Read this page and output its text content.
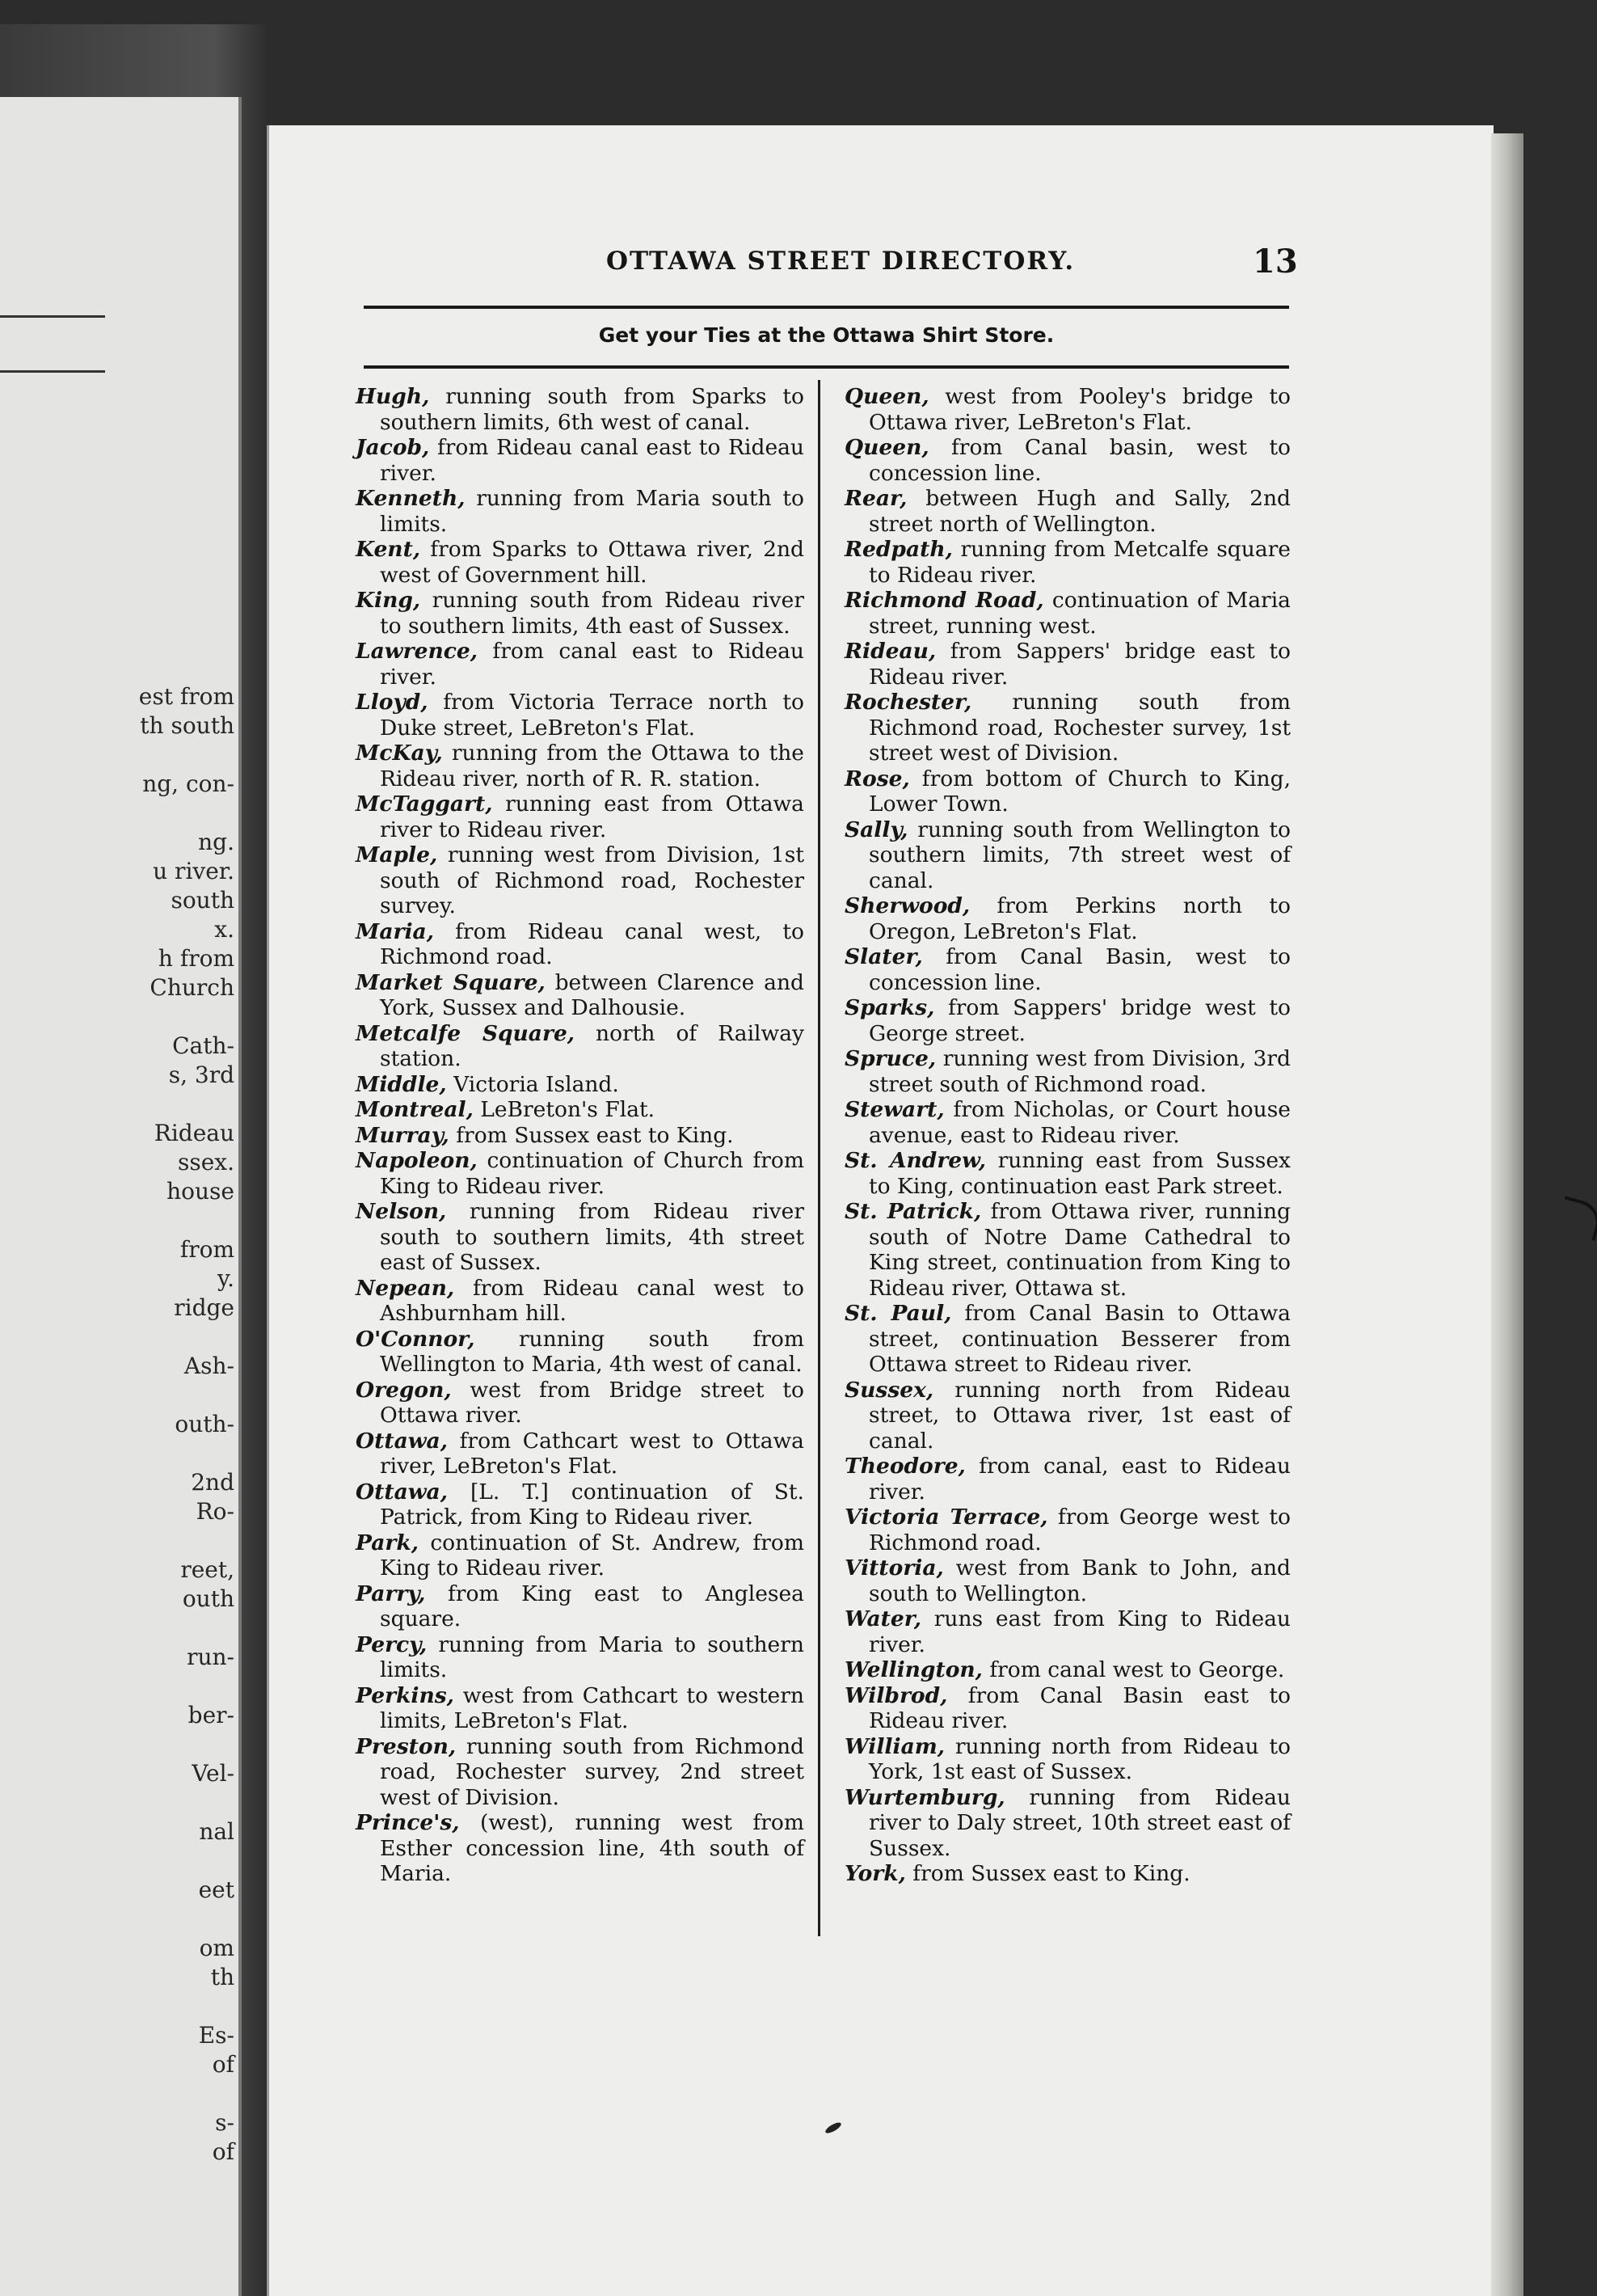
est from
th south
ng, con-
ng.
u river.
south
x.
h from
Church
Cath-
s, 3rd
Rideau
ssex.
house
from
y.
ridge
Ash-
outh-
2nd
Ro-
reet,
outh
run-
ber-
Vel-
nal
eet
om
th
Es-
of
s-
of
OTTAWA STREET DIRECTORY.	13
Get your Ties at the Ottawa Shirt Store.
Hugh, running south from Sparks to southern limits, 6th west of canal.
Jacob, from Rideau canal east to Rideau river.
Kenneth, running from Maria south to limits.
Kent, from Sparks to Ottawa river, 2nd west of Government hill.
King, running south from Rideau river to southern limits, 4th east of Sussex.
Lawrence, from canal east to Rideau river.
Lloyd, from Victoria Terrace north to Duke street, LeBreton's Flat.
McKay, running from the Ottawa to the Rideau river, north of R. R. station.
McTaggart, running east from Ottawa river to Rideau river.
Maple, running west from Division, 1st south of Richmond road, Rochester survey.
Maria, from Rideau canal west, to Richmond road.
Market Square, between Clarence and York, Sussex and Dalhousie.
Metcalfe Square, north of Railway station.
Middle, Victoria Island.
Montreal, LeBreton's Flat.
Murray, from Sussex east to King.
Napoleon, continuation of Church from King to Rideau river.
Nelson, running from Rideau river south to southern limits, 4th street east of Sussex.
Nepean, from Rideau canal west to Ashburnham hill.
O'Connor, running south from Wellington to Maria, 4th west of canal.
Oregon, west from Bridge street to Ottawa river.
Ottawa, from Cathcart west to Ottawa river, LeBreton's Flat.
Ottawa, [L. T.] continuation of St. Patrick, from King to Rideau river.
Park, continuation of St. Andrew, from King to Rideau river.
Parry, from King east to Anglesea square.
Percy, running from Maria to southern limits.
Perkins, west from Cathcart to western limits, LeBreton's Flat.
Preston, running south from Richmond road, Rochester survey, 2nd street west of Division.
Prince's, (west), running west from Esther concession line, 4th south of Maria.
Queen, west from Pooley's bridge to Ottawa river, LeBreton's Flat.
Queen, from Canal basin, west to concession line.
Rear, between Hugh and Sally, 2nd street north of Wellington.
Redpath, running from Metcalfe square to Rideau river.
Richmond Road, continuation of Maria street, running west.
Rideau, from Sappers' bridge east to Rideau river.
Rochester, running south from Richmond road, Rochester survey, 1st street west of Division.
Rose, from bottom of Church to King, Lower Town.
Sally, running south from Wellington to southern limits, 7th street west of canal.
Sherwood, from Perkins north to Oregon, LeBreton's Flat.
Slater, from Canal Basin, west to concession line.
Sparks, from Sappers' bridge west to George street.
Spruce, running west from Division, 3rd street south of Richmond road.
Stewart, from Nicholas, or Court house avenue, east to Rideau river.
St. Andrew, running east from Sussex to King, continuation east Park street.
St. Patrick, from Ottawa river, running south of Notre Dame Cathedral to King street, continuation from King to Rideau river, Ottawa st.
St. Paul, from Canal Basin to Ottawa street, continuation Besserer from Ottawa street to Rideau river.
Sussex, running north from Rideau street, to Ottawa river, 1st east of canal.
Theodore, from canal, east to Rideau river.
Victoria Terrace, from George west to Richmond road.
Vittoria, west from Bank to John, and south to Wellington.
Water, runs east from King to Rideau river.
Wellington, from canal west to George.
Wilbrod, from Canal Basin east to Rideau river.
William, running north from Rideau to York, 1st east of Sussex.
Wurtemburg, running from Rideau river to Daly street, 10th street east of Sussex.
York, from Sussex east to King.
